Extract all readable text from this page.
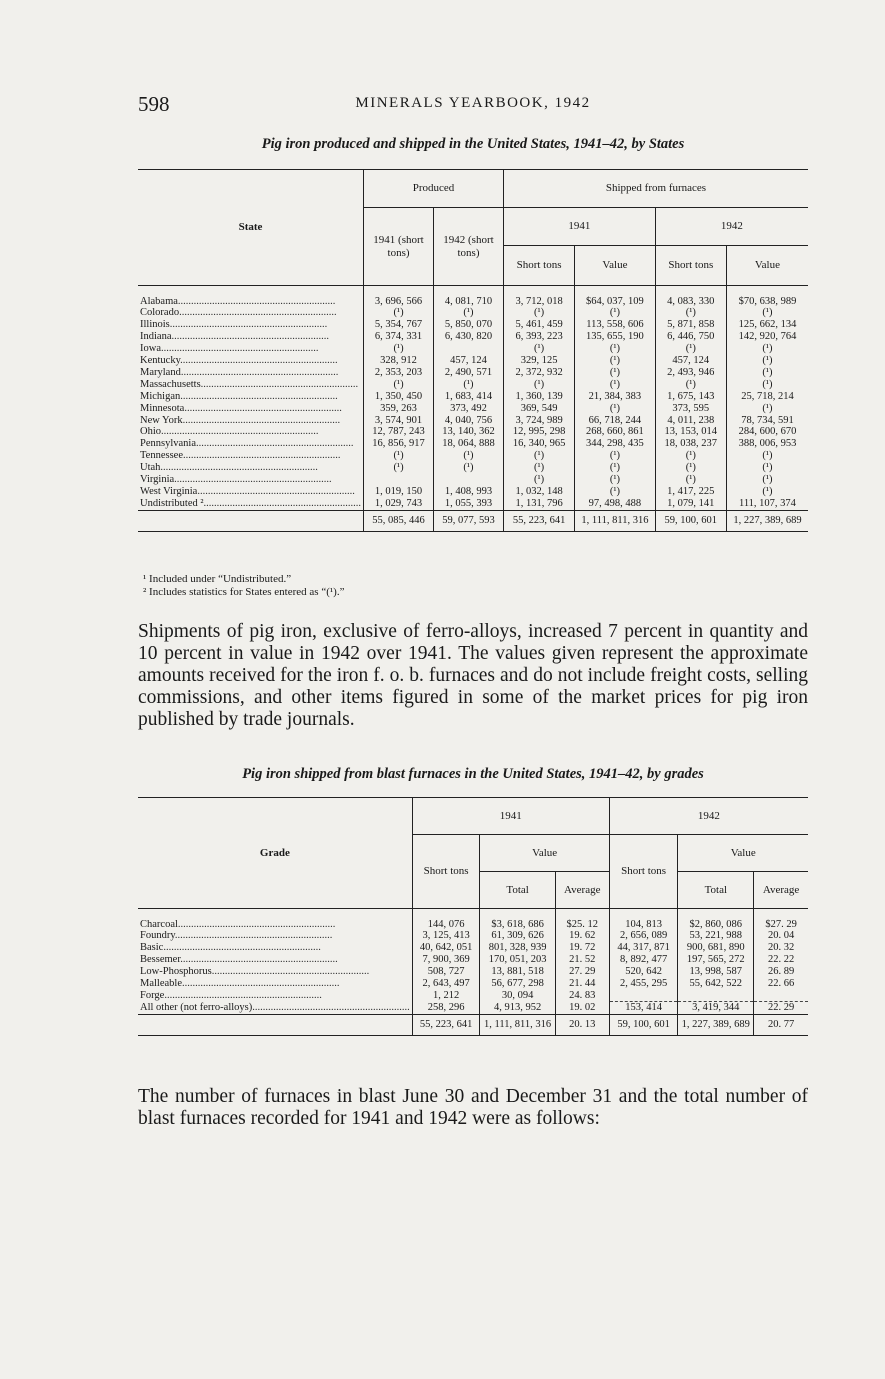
598	MINERALS YEARBOOK, 1942
Pig iron produced and shipped in the United States, 1941–42, by States
State	Produced		Shipped from furnaces			
	1941 (short tons)	1942 (short tons)	1941		1942	
			Short tons	Value	Short tons	Value

Alabama............................................................	3, 696, 566	4, 081, 710	3, 712, 018	$64, 037, 109	4, 083, 330	$70, 638, 989
Colorado............................................................	(¹)	(¹)	(¹)	(¹)	(¹)	(¹)
Illinois............................................................	5, 354, 767	5, 850, 070	5, 461, 459	113, 558, 606	5, 871, 858	125, 662, 134
Indiana............................................................	6, 374, 331	6, 430, 820	6, 393, 223	135, 655, 190	6, 446, 750	142, 920, 764
Iowa............................................................	(¹)		(¹)	(¹)	(¹)	(¹)
Kentucky............................................................	328, 912	457, 124	329, 125	(¹)	457, 124	(¹)
Maryland............................................................	2, 353, 203	2, 490, 571	2, 372, 932	(¹)	2, 493, 946	(¹)
Massachusetts............................................................	(¹)	(¹)	(¹)	(¹)	(¹)	(¹)
Michigan............................................................	1, 350, 450	1, 683, 414	1, 360, 139	21, 384, 383	1, 675, 143	25, 718, 214
Minnesota............................................................	359, 263	373, 492	369, 549	(¹)	373, 595	(¹)
New York............................................................	3, 574, 901	4, 040, 756	3, 724, 989	66, 718, 244	4, 011, 238	78, 734, 591
Ohio............................................................	12, 787, 243	13, 140, 362	12, 995, 298	268, 660, 861	13, 153, 014	284, 600, 670
Pennsylvania............................................................	16, 856, 917	18, 064, 888	16, 340, 965	344, 298, 435	18, 038, 237	388, 006, 953
Tennessee............................................................	(¹)	(¹)	(¹)	(¹)	(¹)	(¹)
Utah............................................................	(¹)	(¹)	(¹)	(¹)	(¹)	(¹)
Virginia............................................................			(¹)	(¹)	(¹)	(¹)
West Virginia............................................................	1, 019, 150	1, 408, 993	1, 032, 148	(¹)	1, 417, 225	(¹)
Undistributed ²............................................................	1, 029, 743	1, 055, 393	1, 131, 796	97, 498, 488	1, 079, 141	111, 107, 374
	55, 085, 446	59, 077, 593	55, 223, 641	1, 111, 811, 316	59, 100, 601	1, 227, 389, 689

¹ Included under “Undistributed.”
² Includes statistics for States entered as “(¹).”
Shipments of pig iron, exclusive of ferro-alloys, increased 7 percent in quantity and 10 percent in value in 1942 over 1941. The values given represent the approximate amounts received for the iron f. o. b. furnaces and do not include freight costs, selling commissions, and other items figured in some of the market prices for pig iron published by trade journals.
Pig iron shipped from blast furnaces in the United States, 1941–42, by grades
Grade	1941			1942		
	Short tons	Value		Short tons	Value	
		Total	Average		Total	Average

Charcoal............................................................	144, 076	$3, 618, 686	$25. 12	104, 813	$2, 860, 086	$27. 29
Foundry............................................................	3, 125, 413	61, 309, 626	19. 62	2, 656, 089	53, 221, 988	20. 04
Basic............................................................	40, 642, 051	801, 328, 939	19. 72	44, 317, 871	900, 681, 890	20. 32
Bessemer............................................................	7, 900, 369	170, 051, 203	21. 52	8, 892, 477	197, 565, 272	22. 22
Low-Phosphorus............................................................	508, 727	13, 881, 518	27. 29	520, 642	13, 998, 587	26. 89
Malleable............................................................	2, 643, 497	56, 677, 298	21. 44	2, 455, 295	55, 642, 522	22. 66
Forge............................................................	1, 212	30, 094	24. 83			
All other (not ferro-alloys)............................................................	258, 296	4, 913, 952	19. 02	153, 414	3, 419, 344	22. 29
	55, 223, 641	1, 111, 811, 316	20. 13	59, 100, 601	1, 227, 389, 689	20. 77

The number of furnaces in blast June 30 and December 31 and the total number of blast furnaces recorded for 1941 and 1942 were as follows:
